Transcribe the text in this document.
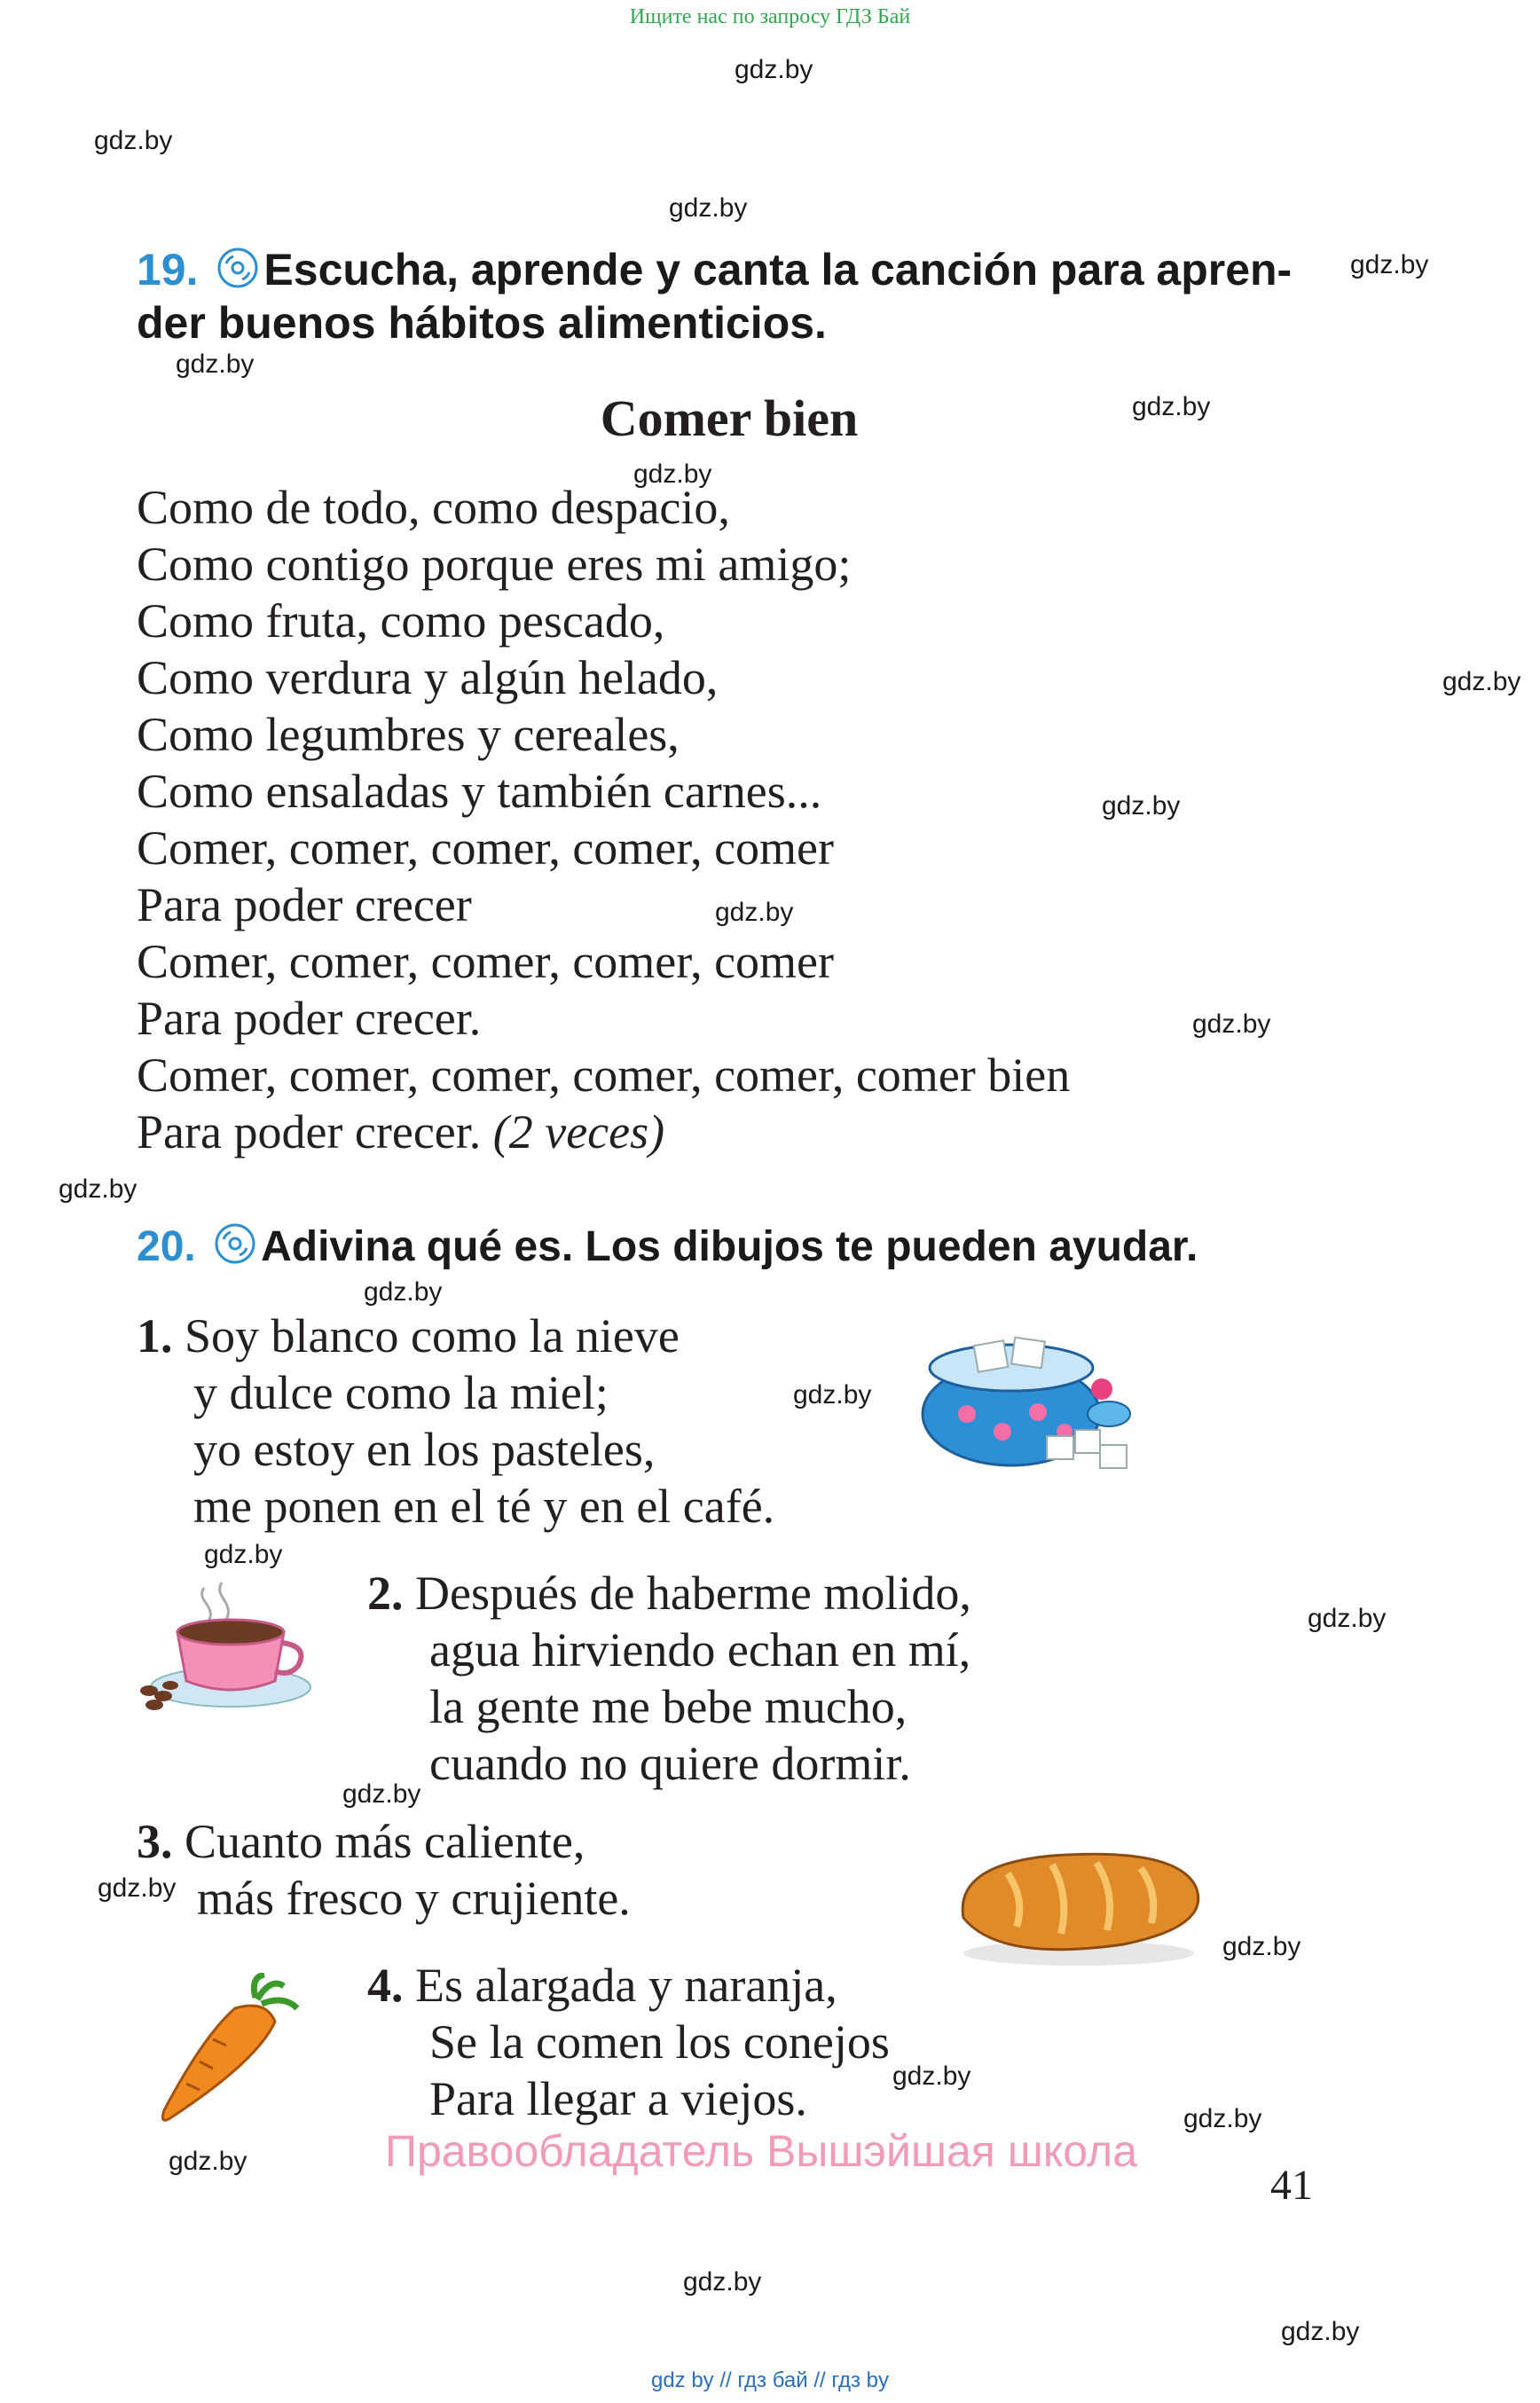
Ищите нас по запросу ГДЗ Бай
gdz.by
gdz.by
gdz.by
gdz.by
gdz.by
gdz.by
gdz.by
gdz.by
gdz.by
gdz.by
gdz.by
gdz.by
gdz.by
gdz.by
gdz.by
gdz.by
gdz.by
gdz.by
gdz.by
gdz.by
gdz.by
gdz.by
gdz.by
gdz.by
19. Escucha, aprende y canta la canción para apren-
der buenos hábitos alimenticios.
Comer bien
Como de todo, como despacio,
Como contigo porque eres mi amigo;
Como fruta, como pescado,
Como verdura y algún helado,
Como legumbres y cereales,
Como ensaladas y también carnes...
Comer, comer, comer, comer, comer
Para poder crecer
Comer, comer, comer, comer, comer
Para poder crecer.
Comer, comer, comer, comer, comer, comer bien
Para poder crecer. (2 veces)
20. Adivina qué es. Los dibujos te pueden ayudar.
1. Soy blanco como la nieve
y dulce como la miel;
yo estoy en los pasteles,
me ponen en el té y en el café.
2. Después de haberme molido,
agua hirviendo echan en mí,
la gente me bebe mucho,
cuando no quiere dormir.
3. Cuanto más caliente,
más fresco y crujiente.
4. Es alargada y naranja,
Se la comen los conejos
Para llegar a viejos.
Правообладатель Вышэйшая школа
41
gdz by // гдз бай // гдз by
